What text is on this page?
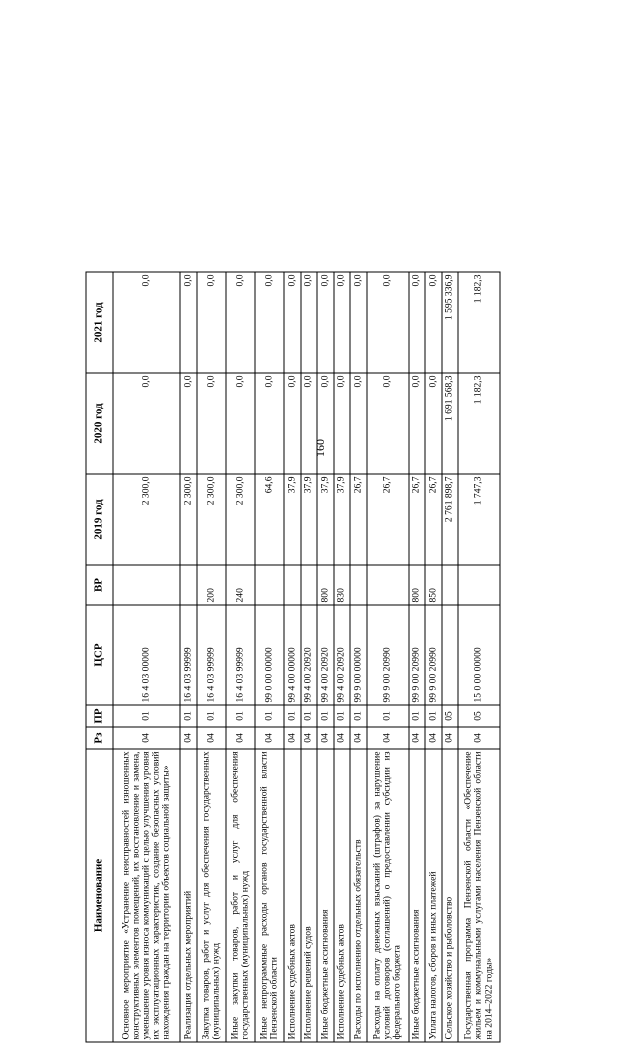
160
Наименование	Рз	ПР	ЦСР	ВР	2019 год	2020 год	2021 год
Основное мероприятие «Устранение неисправностей изношенных конструктивных элементов помещений, их восстановление и замена, уменьшение уровня износа коммуникаций с целью улучшения уровня их эксплуатационных характеристик, создание безопасных условий нахождения граждан на территории объектов социальной защиты»	04	01	16 4 03 00000		2 300,0	0,0	0,0
Реализация отдельных мероприятий	04	01	16 4 03 99999		2 300,0	0,0	0,0
Закупка товаров, работ и услуг для обеспечения государственных (муниципальных) нужд	04	01	16 4 03 99999	200	2 300,0	0,0	0,0
Иные закупки товаров, работ и услуг для обеспечения государственных (муниципальных) нужд	04	01	16 4 03 99999	240	2 300,0	0,0	0,0
Иные непрограммные расходы органов государственной власти Пензенской области	04	01	99 0 00 00000		64,6	0,0	0,0
Исполнение судебных актов	04	01	99 4 00 00000		37,9	0,0	0,0
Исполнение решений судов	04	01	99 4 00 20920		37,9	0,0	0,0
Иные бюджетные ассигнования	04	01	99 4 00 20920	800	37,9	0,0	0,0
Исполнение судебных актов	04	01	99 4 00 20920	830	37,9	0,0	0,0
Расходы по исполнению отдельных обязательств	04	01	99 9 00 00000		26,7	0,0	0,0
Расходы на оплату денежных взысканий (штрафов) за нарушение условий договоров (соглашений) о предоставлении субсидии из федерального бюджета	04	01	99 9 00 20990		26,7	0,0	0,0
Иные бюджетные ассигнования	04	01	99 9 00 20990	800	26,7	0,0	0,0
Уплата налогов, сборов и иных платежей	04	01	99 9 00 20990	850	26,7	0,0	0,0
Сельское хозяйство и рыболовство	04	05			2 761 898,7	1 691 568,3	1 595 336,9
Государственная программа Пензенской области «Обеспечение жильем и коммунальными услугами населения Пензенской области на 2014–2022 годы»	04	05	15 0 00 00000		1 747,3	1 182,3	1 182,3
